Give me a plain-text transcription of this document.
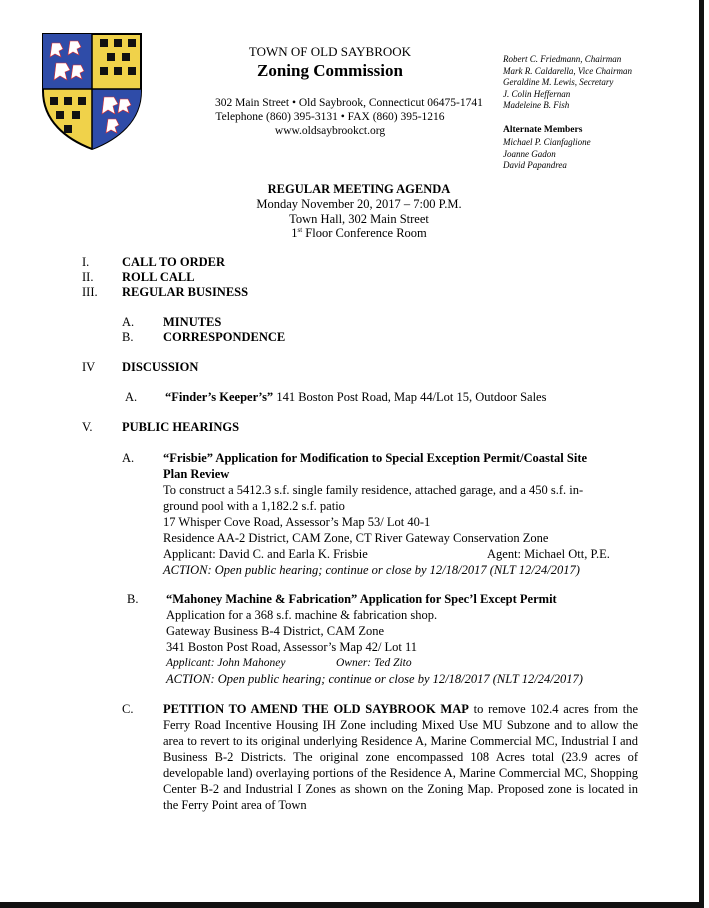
TOWN OF OLD SAYBROOK
Zoning Commission
302 Main Street • Old Saybrook, Connecticut 06475-1741
Telephone (860) 395-3131 • FAX (860) 395-1216
www.oldsaybrookct.org
Robert C. Friedmann, Chairman
Mark R. Caldarella, Vice Chairman
Geraldine M. Lewis, Secretary
J. Colin Heffernan
Madeleine B. Fish
Alternate Members
Michael P. Cianfaglione
Joanne Gadon
David Papandrea
REGULAR MEETING AGENDA
Monday November 20, 2017 – 7:00 P.M.
Town Hall, 302 Main Street
1st Floor Conference Room
I.	CALL TO ORDER
II. ROLL CALL
III. REGULAR BUSINESS
A. MINUTES
B. CORRESPONDENCE
IV DISCUSSION
A. “Finder’s Keeper’s” 141 Boston Post Road, Map 44/Lot 15, Outdoor Sales
V. PUBLIC HEARINGS
A. “Frisbie” Application for Modification to Special Exception Permit/Coastal Site
Plan Review
To construct a 5412.3 s.f. single family residence, attached garage, and a 450 s.f. in-
ground pool with a 1,182.2 s.f. patio
17 Whisper Cove Road, Assessor’s Map 53/ Lot 40-1
Residence AA-2 District, CAM Zone, CT River Gateway Conservation Zone
Applicant: David C. and Earla K. Frisbie	Agent: Michael Ott, P.E.
ACTION: Open public hearing; continue or close by 12/18/2017 (NLT 12/24/2017)
B. “Mahoney Machine & Fabrication” Application for Spec’l Except Permit
Application for a 368 s.f. machine & fabrication shop.
Gateway Business B-4 District, CAM Zone
341 Boston Post Road, Assessor’s Map 42/ Lot 11
Applicant: John Mahoney	Owner: Ted Zito
ACTION: Open public hearing; continue or close by 12/18/2017 (NLT 12/24/2017)
C. PETITION TO AMEND THE OLD SAYBROOK MAP to remove 102.4 acres from the Ferry Road Incentive Housing IH Zone including Mixed Use MU Subzone and to allow the area to revert to its original underlying Residence A, Marine Commercial MC, Industrial I and Business B-2 Districts. The original zone encompassed 108 Acres total (23.9 acres of developable land) overlaying portions of the Residence A, Marine Commercial MC, Shopping Center B-2 and Industrial I Zones as shown on the Zoning Map. Proposed zone is located in the Ferry Point area of Town
